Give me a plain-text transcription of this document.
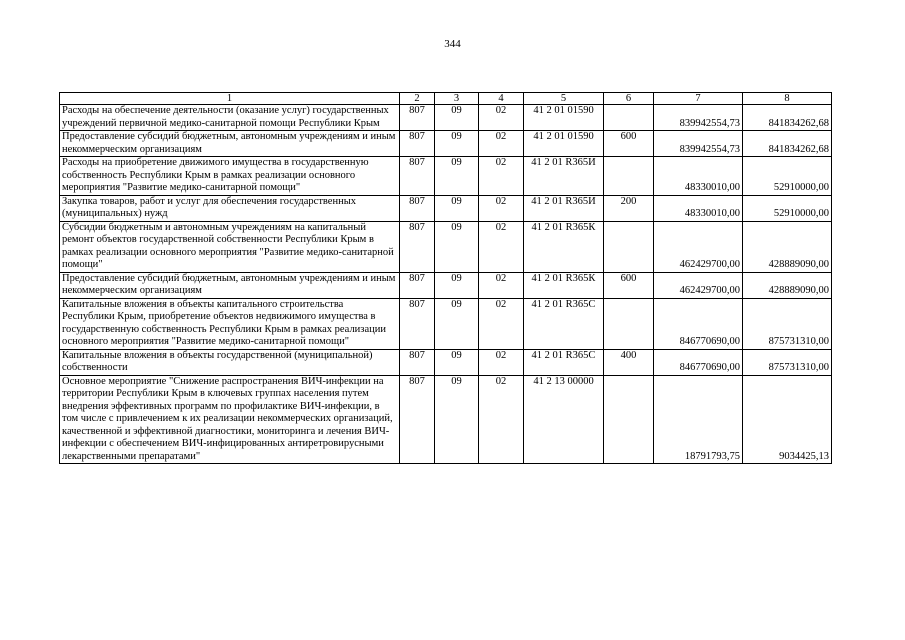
344
1	2	3	4	5	6	7	8
Расходы на обеспечение деятельности (оказание услуг) государственных учреждений первичной медико-санитарной помощи Республики Крым	807	09	02	41 2 01 01590		839942554,73	841834262,68
Предоставление субсидий бюджетным, автономным учреждениям и иным некоммерческим организациям	807	09	02	41 2 01 01590	600	839942554,73	841834262,68
Расходы на приобретение движимого имущества в государственную собственность Республики Крым в рамках реализации основного мероприятия "Развитие медико-санитарной помощи"	807	09	02	41 2 01 R365И		48330010,00	52910000,00
Закупка товаров, работ и услуг для обеспечения государственных (муниципальных) нужд	807	09	02	41 2 01 R365И	200	48330010,00	52910000,00
Субсидии бюджетным и автономным учреждениям на капитальный ремонт объектов государственной собственности Республики Крым в рамках реализации основного мероприятия "Развитие медико-санитарной помощи"	807	09	02	41 2 01 R365К		462429700,00	428889090,00
Предоставление субсидий бюджетным, автономным учреждениям и иным некоммерческим организациям	807	09	02	41 2 01 R365К	600	462429700,00	428889090,00
Капитальные вложения в объекты капитального строительства Республики Крым, приобретение объектов недвижимого имущества в государственную собственность Республики Крым в рамках реализации основного мероприятия "Развитие медико-санитарной помощи"	807	09	02	41 2 01 R365С		846770690,00	875731310,00
Капитальные вложения в объекты государственной (муниципальной) собственности	807	09	02	41 2 01 R365С	400	846770690,00	875731310,00
Основное мероприятие "Снижение распространения ВИЧ-инфекции на территории Республики Крым в ключевых группах населения путем внедрения эффективных программ по профилактике ВИЧ-инфекции, в том числе с привлечением к их реализации некоммерческих организаций, качественной и эффективной диагностики, мониторинга и лечения ВИЧ-инфекции с обеспечением ВИЧ-инфицированных антиретровирусными лекарственными препаратами"	807	09	02	41 2 13 00000		18791793,75	9034425,13
